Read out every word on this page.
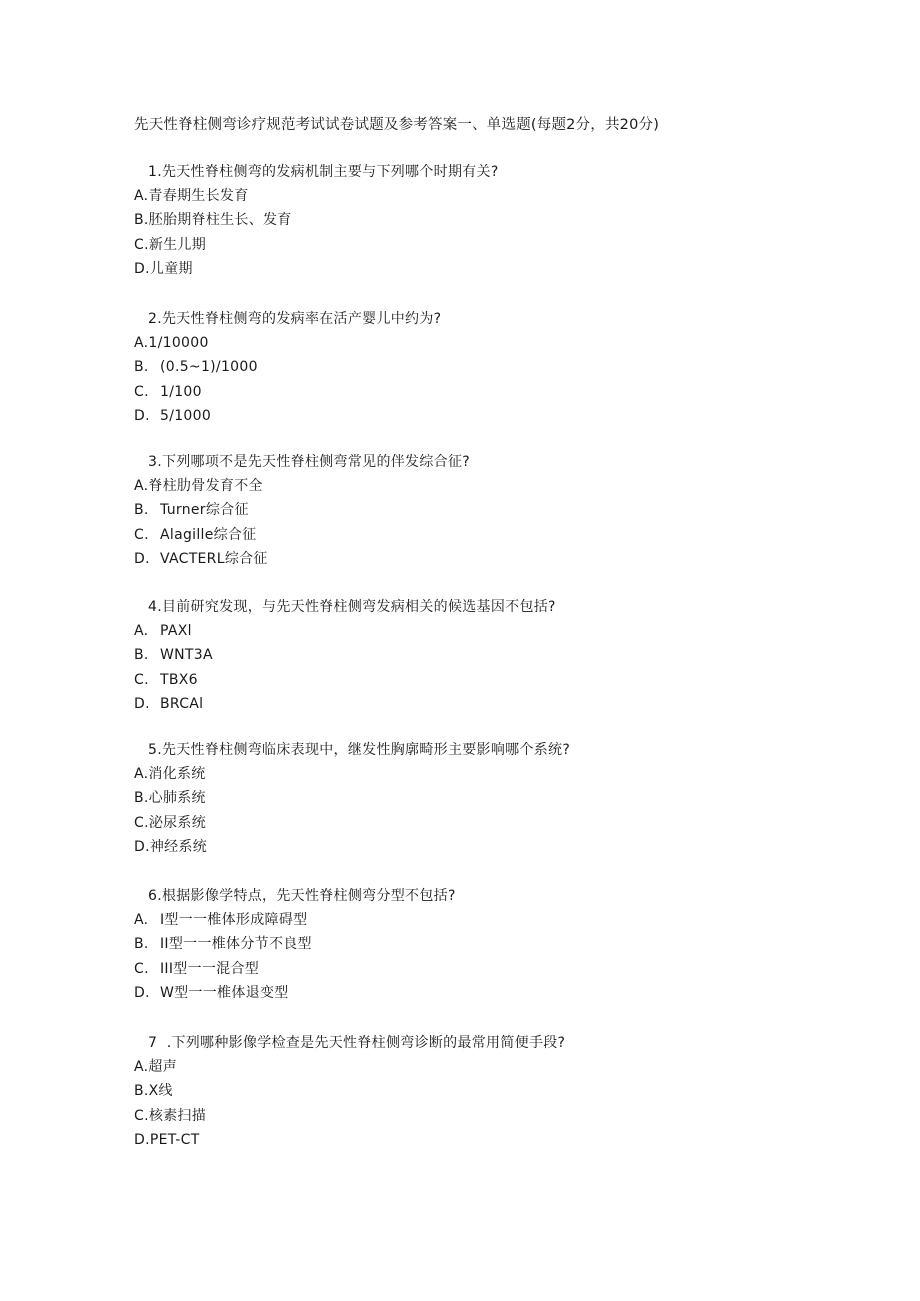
先天性脊柱侧弯诊疗规范考试试卷试题及参考答案一、单选题(每题2分，共20分)
1.先天性脊柱侧弯的发病机制主要与下列哪个时期有关?
A.青春期生长发育
B.胚胎期脊柱生长、发育
C.新生儿期
D.儿童期
2.先天性脊柱侧弯的发病率在活产婴儿中约为?
A.1/10000
B. (0.5~1)/1000
C. 1/100
D. 5/1000
3.下列哪项不是先天性脊柱侧弯常见的伴发综合征?
A.脊柱肋骨发育不全
B. Turner综合征
C. Alagille综合征
D. VACTERL综合征
4.目前研究发现，与先天性脊柱侧弯发病相关的候选基因不包括?
A. PAXl
B. WNT3A
C. TBX6
D. BRCAl
5.先天性脊柱侧弯临床表现中，继发性胸廓畸形主要影响哪个系统?
A.消化系统
B.心肺系统
C.泌尿系统
D.神经系统
6.根据影像学特点，先天性脊柱侧弯分型不包括?
A. I型一一椎体形成障碍型
B. II型一一椎体分节不良型
C. III型一一混合型
D. W型一一椎体退变型
7  .下列哪种影像学检查是先天性脊柱侧弯诊断的最常用简便手段?
A.超声
B.X线
C.核素扫描
D.PET-CT
